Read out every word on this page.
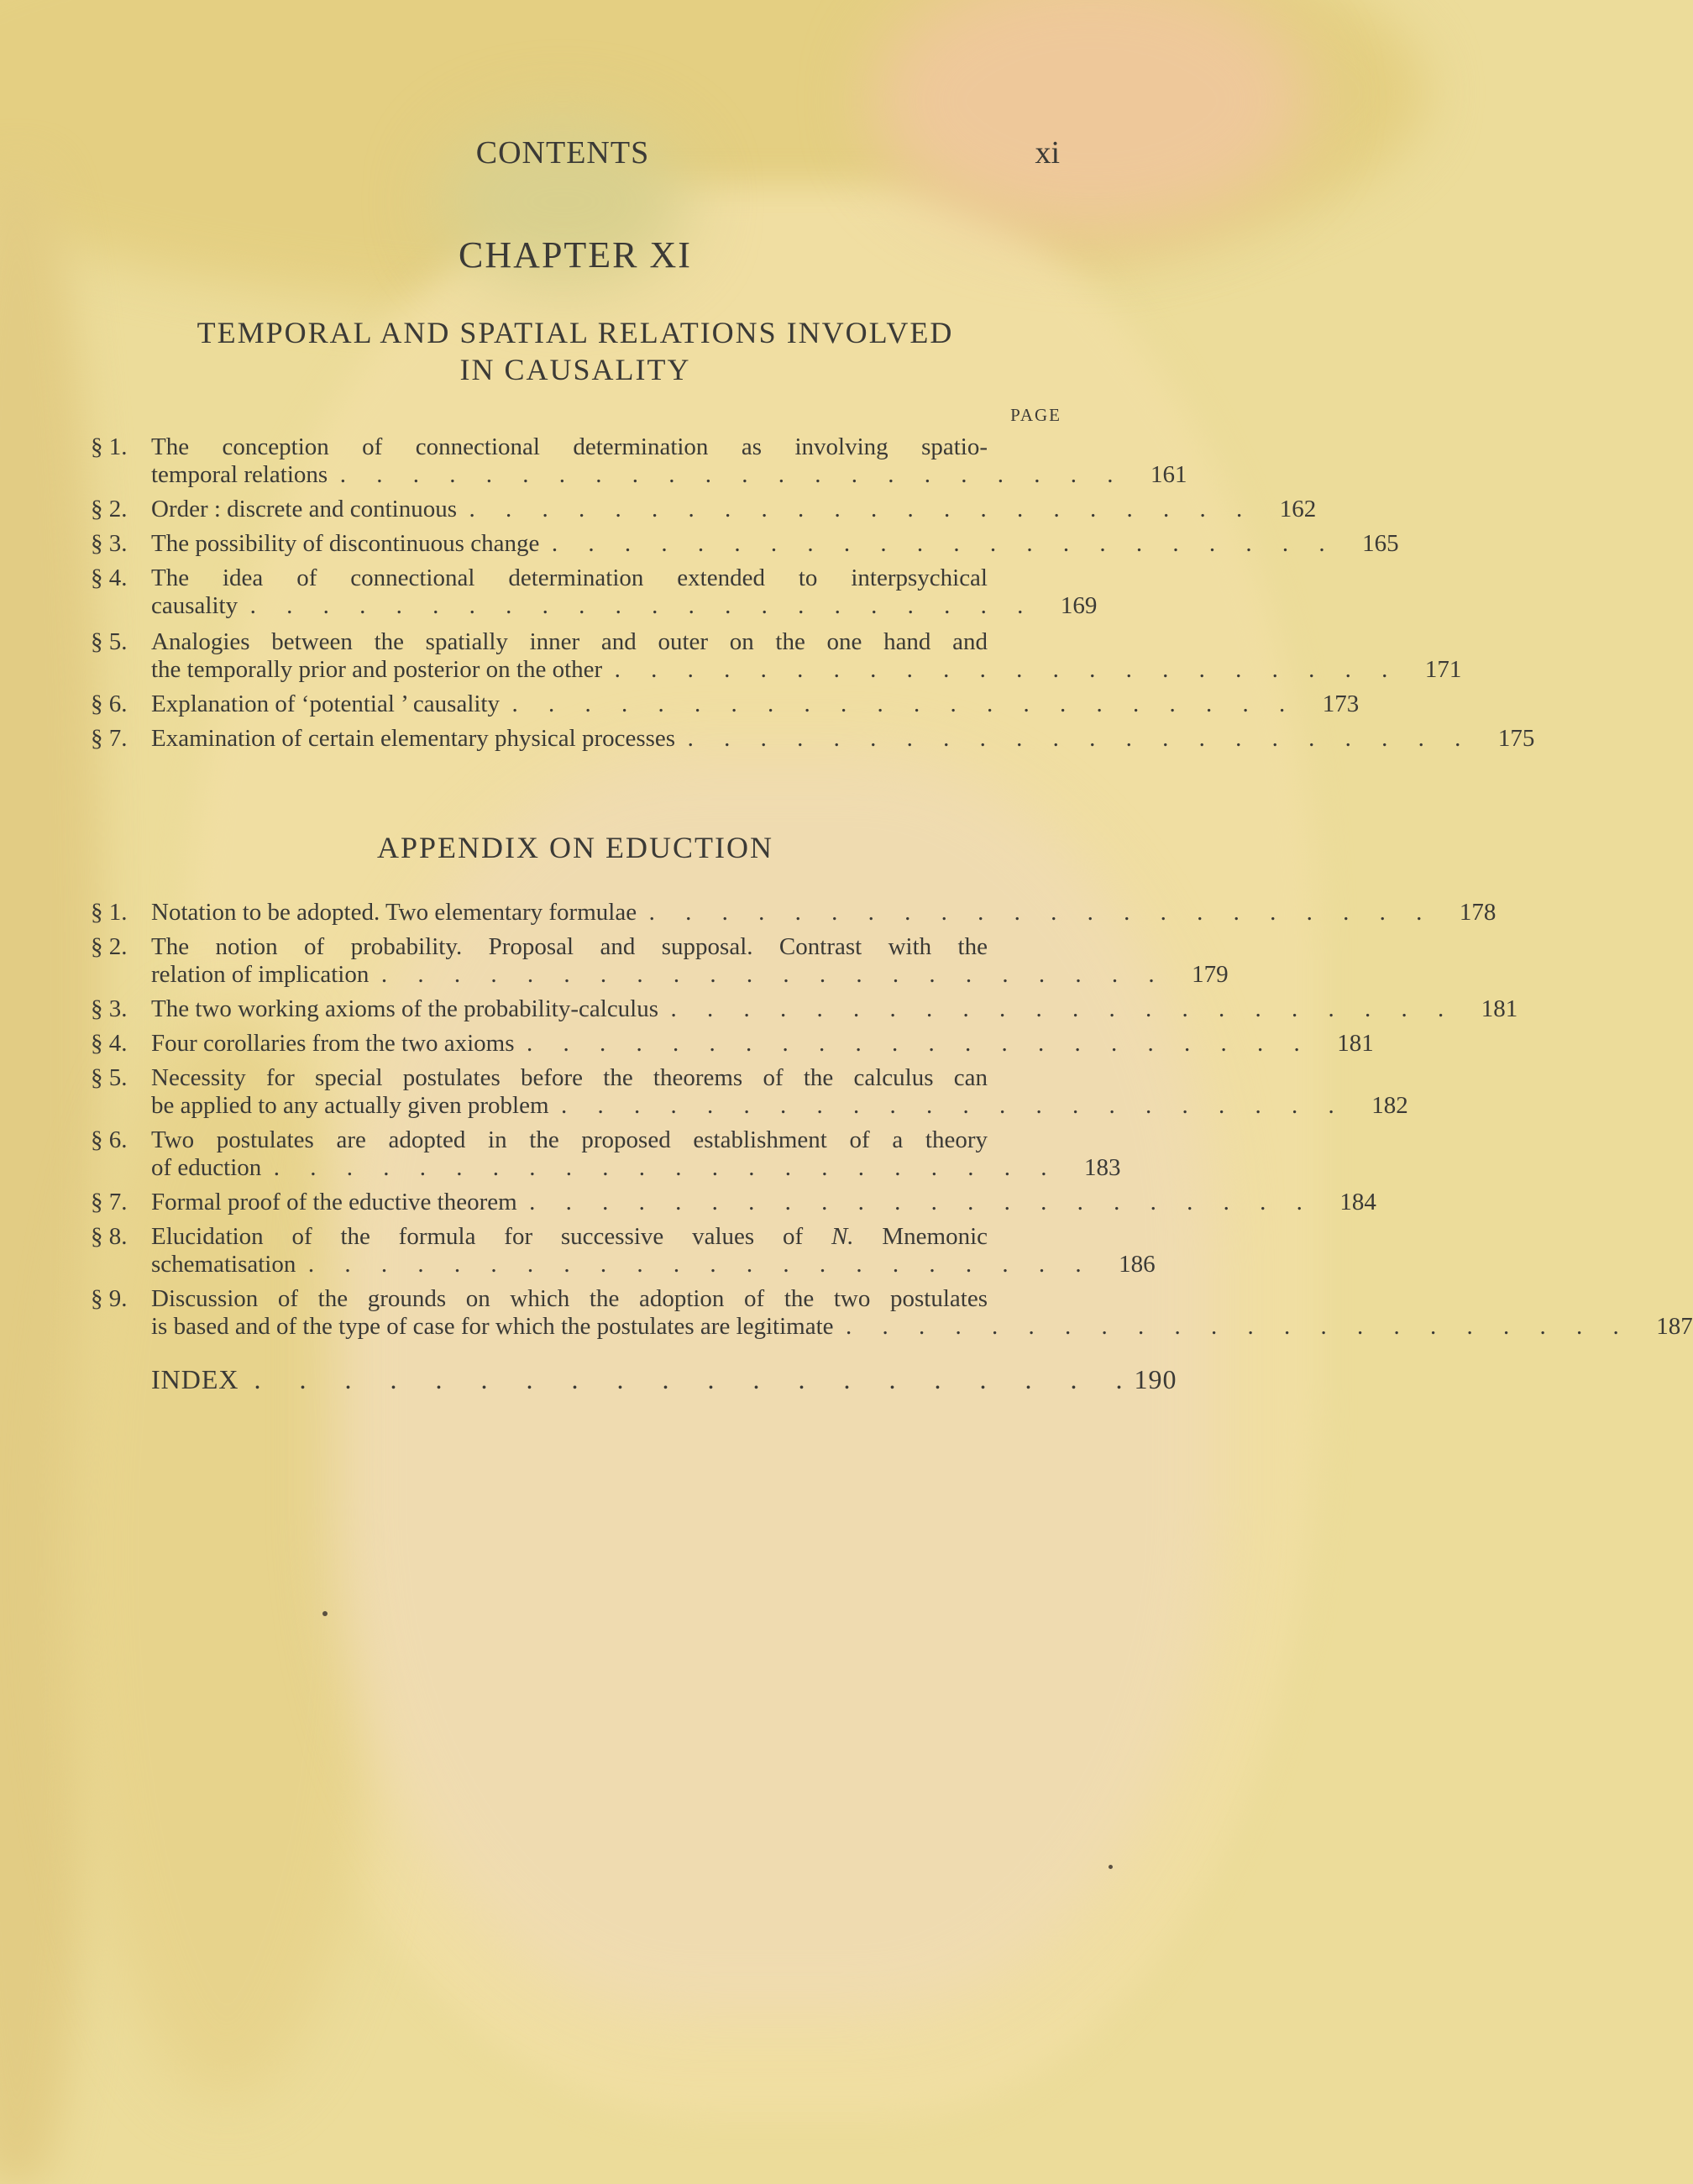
CONTENTS	xi
CHAPTER XI
TEMPORAL AND SPATIAL RELATIONS INVOLVED
IN CAUSALITY
PAGE
§ 1. The conception of connectional determination as involving spatio-
temporal relations .     .     .     .     .     .     .     .     .     .     .     .     .     .     .     .     .     .     .     .     .     .	161
§ 2. Order : discrete and continuous .     .     .     .     .     .     .     .     .     .     .     .     .     .     .     .     .     .     .     .     .     .	162
§ 3. The possibility of discontinuous change .     .     .     .     .     .     .     .     .     .     .     .     .     .     .     .     .     .     .     .     .     .	165
§ 4. The idea of connectional determination extended to interpsychical
causality .     .     .     .     .     .     .     .     .     .     .     .     .     .     .     .     .     .     .     .     .     .	169
§ 5. Analogies between the spatially inner and outer on the one hand and
the temporally prior and posterior on the other .     .     .     .     .     .     .     .     .     .     .     .     .     .     .     .     .     .     .     .     .     .	171
§ 6. Explanation of ‘potential ’ causality .     .     .     .     .     .     .     .     .     .     .     .     .     .     .     .     .     .     .     .     .     .	173
§ 7. Examination of certain elementary physical processes .     .     .     .     .     .     .     .     .     .     .     .     .     .     .     .     .     .     .     .     .     .	175
APPENDIX ON EDUCTION
§ 1. Notation to be adopted. Two elementary formulae .     .     .     .     .     .     .     .     .     .     .     .     .     .     .     .     .     .     .     .     .     .	178
§ 2. The notion of probability. Proposal and supposal. Contrast with the
relation of implication .     .     .     .     .     .     .     .     .     .     .     .     .     .     .     .     .     .     .     .     .     .	179
§ 3. The two working axioms of the probability-calculus .     .     .     .     .     .     .     .     .     .     .     .     .     .     .     .     .     .     .     .     .     .	181
§ 4. Four corollaries from the two axioms .     .     .     .     .     .     .     .     .     .     .     .     .     .     .     .     .     .     .     .     .     .	181
§ 5. Necessity for special postulates before the theorems of the calculus can
be applied to any actually given problem .     .     .     .     .     .     .     .     .     .     .     .     .     .     .     .     .     .     .     .     .     .	182
§ 6. Two postulates are adopted in the proposed establishment of a theory
of eduction .     .     .     .     .     .     .     .     .     .     .     .     .     .     .     .     .     .     .     .     .     .	183
§ 7. Formal proof of the eductive theorem .     .     .     .     .     .     .     .     .     .     .     .     .     .     .     .     .     .     .     .     .     .	184
§ 8. Elucidation of the formula for successive values of N. Mnemonic
schematisation .     .     .     .     .     .     .     .     .     .     .     .     .     .     .     .     .     .     .     .     .     .	186
§ 9. Discussion of the grounds on which the adoption of the two postulates
is based and of the type of case for which the postulates are legitimate .     .     .     .     .     .     .     .     .     .     .     .     .     .     .     .     .     .     .     .     .     .	187
INDEX .     .     .     .     .     .     .     .     .     .     .     .     .     .     .     .     .     .     .     . 190
